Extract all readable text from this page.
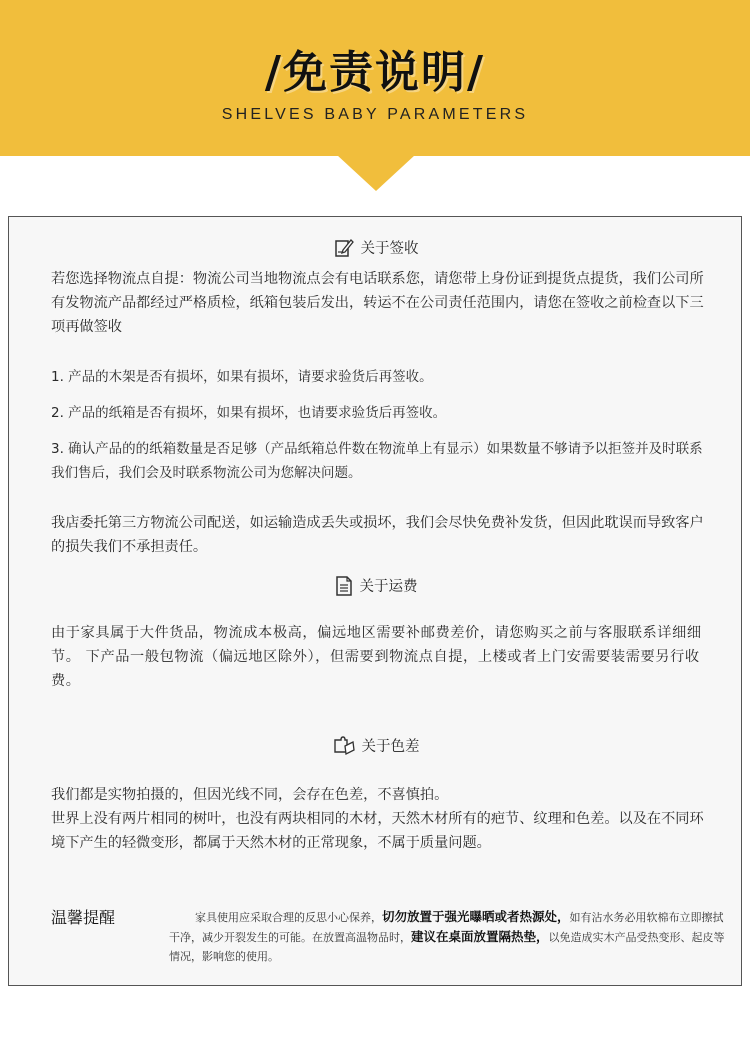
/免责说明/
SHELVES BABY PARAMETERS
关于签收

若您选择物流点自提：物流公司当地物流点会有电话联系您，请您带上身份证到提货点提货，我们公司所有发物流产品都经过严格质检，纸箱包装后发出，转运不在公司责任范围内，请您在签收之前检查以下三项再做签收

1. 产品的木架是否有损坏，如果有损坏，请要求验货后再签收。

2. 产品的纸箱是否有损坏，如果有损坏，也请要求验货后再签收。

3. 确认产品的的纸箱数量是否足够（产品纸箱总件数在物流单上有显示）如果数量不够请予以拒签并及时联系我们售后，我们会及时联系物流公司为您解决问题。

我店委托第三方物流公司配送，如运输造成丢失或损坏，我们会尽快免费补发货，但因此耽误而导致客户的损失我们不承担责任。

关于运费

由于家具属于大件货品，物流成本极高，偏远地区需要补邮费差价，请您购买之前与客服联系详细细节。 下产品一般包物流（偏远地区除外），但需要到物流点自提，上楼或者上门安需要装需要另行收费。

关于色差

我们都是实物拍摄的，但因光线不同，会存在色差，不喜慎拍。

世界上没有两片相同的树叶，也没有两块相同的木材，天然木材所有的疤节、纹理和色差。以及在不同环境下产生的轻微变形，都属于天然木材的正常现象，不属于质量问题。

温馨提醒	家具使用应采取合理的反思小心保养，切勿放置于强光曝晒或者热源处，如有沾水务必用软棉布立即擦拭干净，减少开裂发生的可能。在放置高温物品时，建议在桌面放置隔热垫，以免造成实木产品受热变形、起皮等情况，影响您的使用。
